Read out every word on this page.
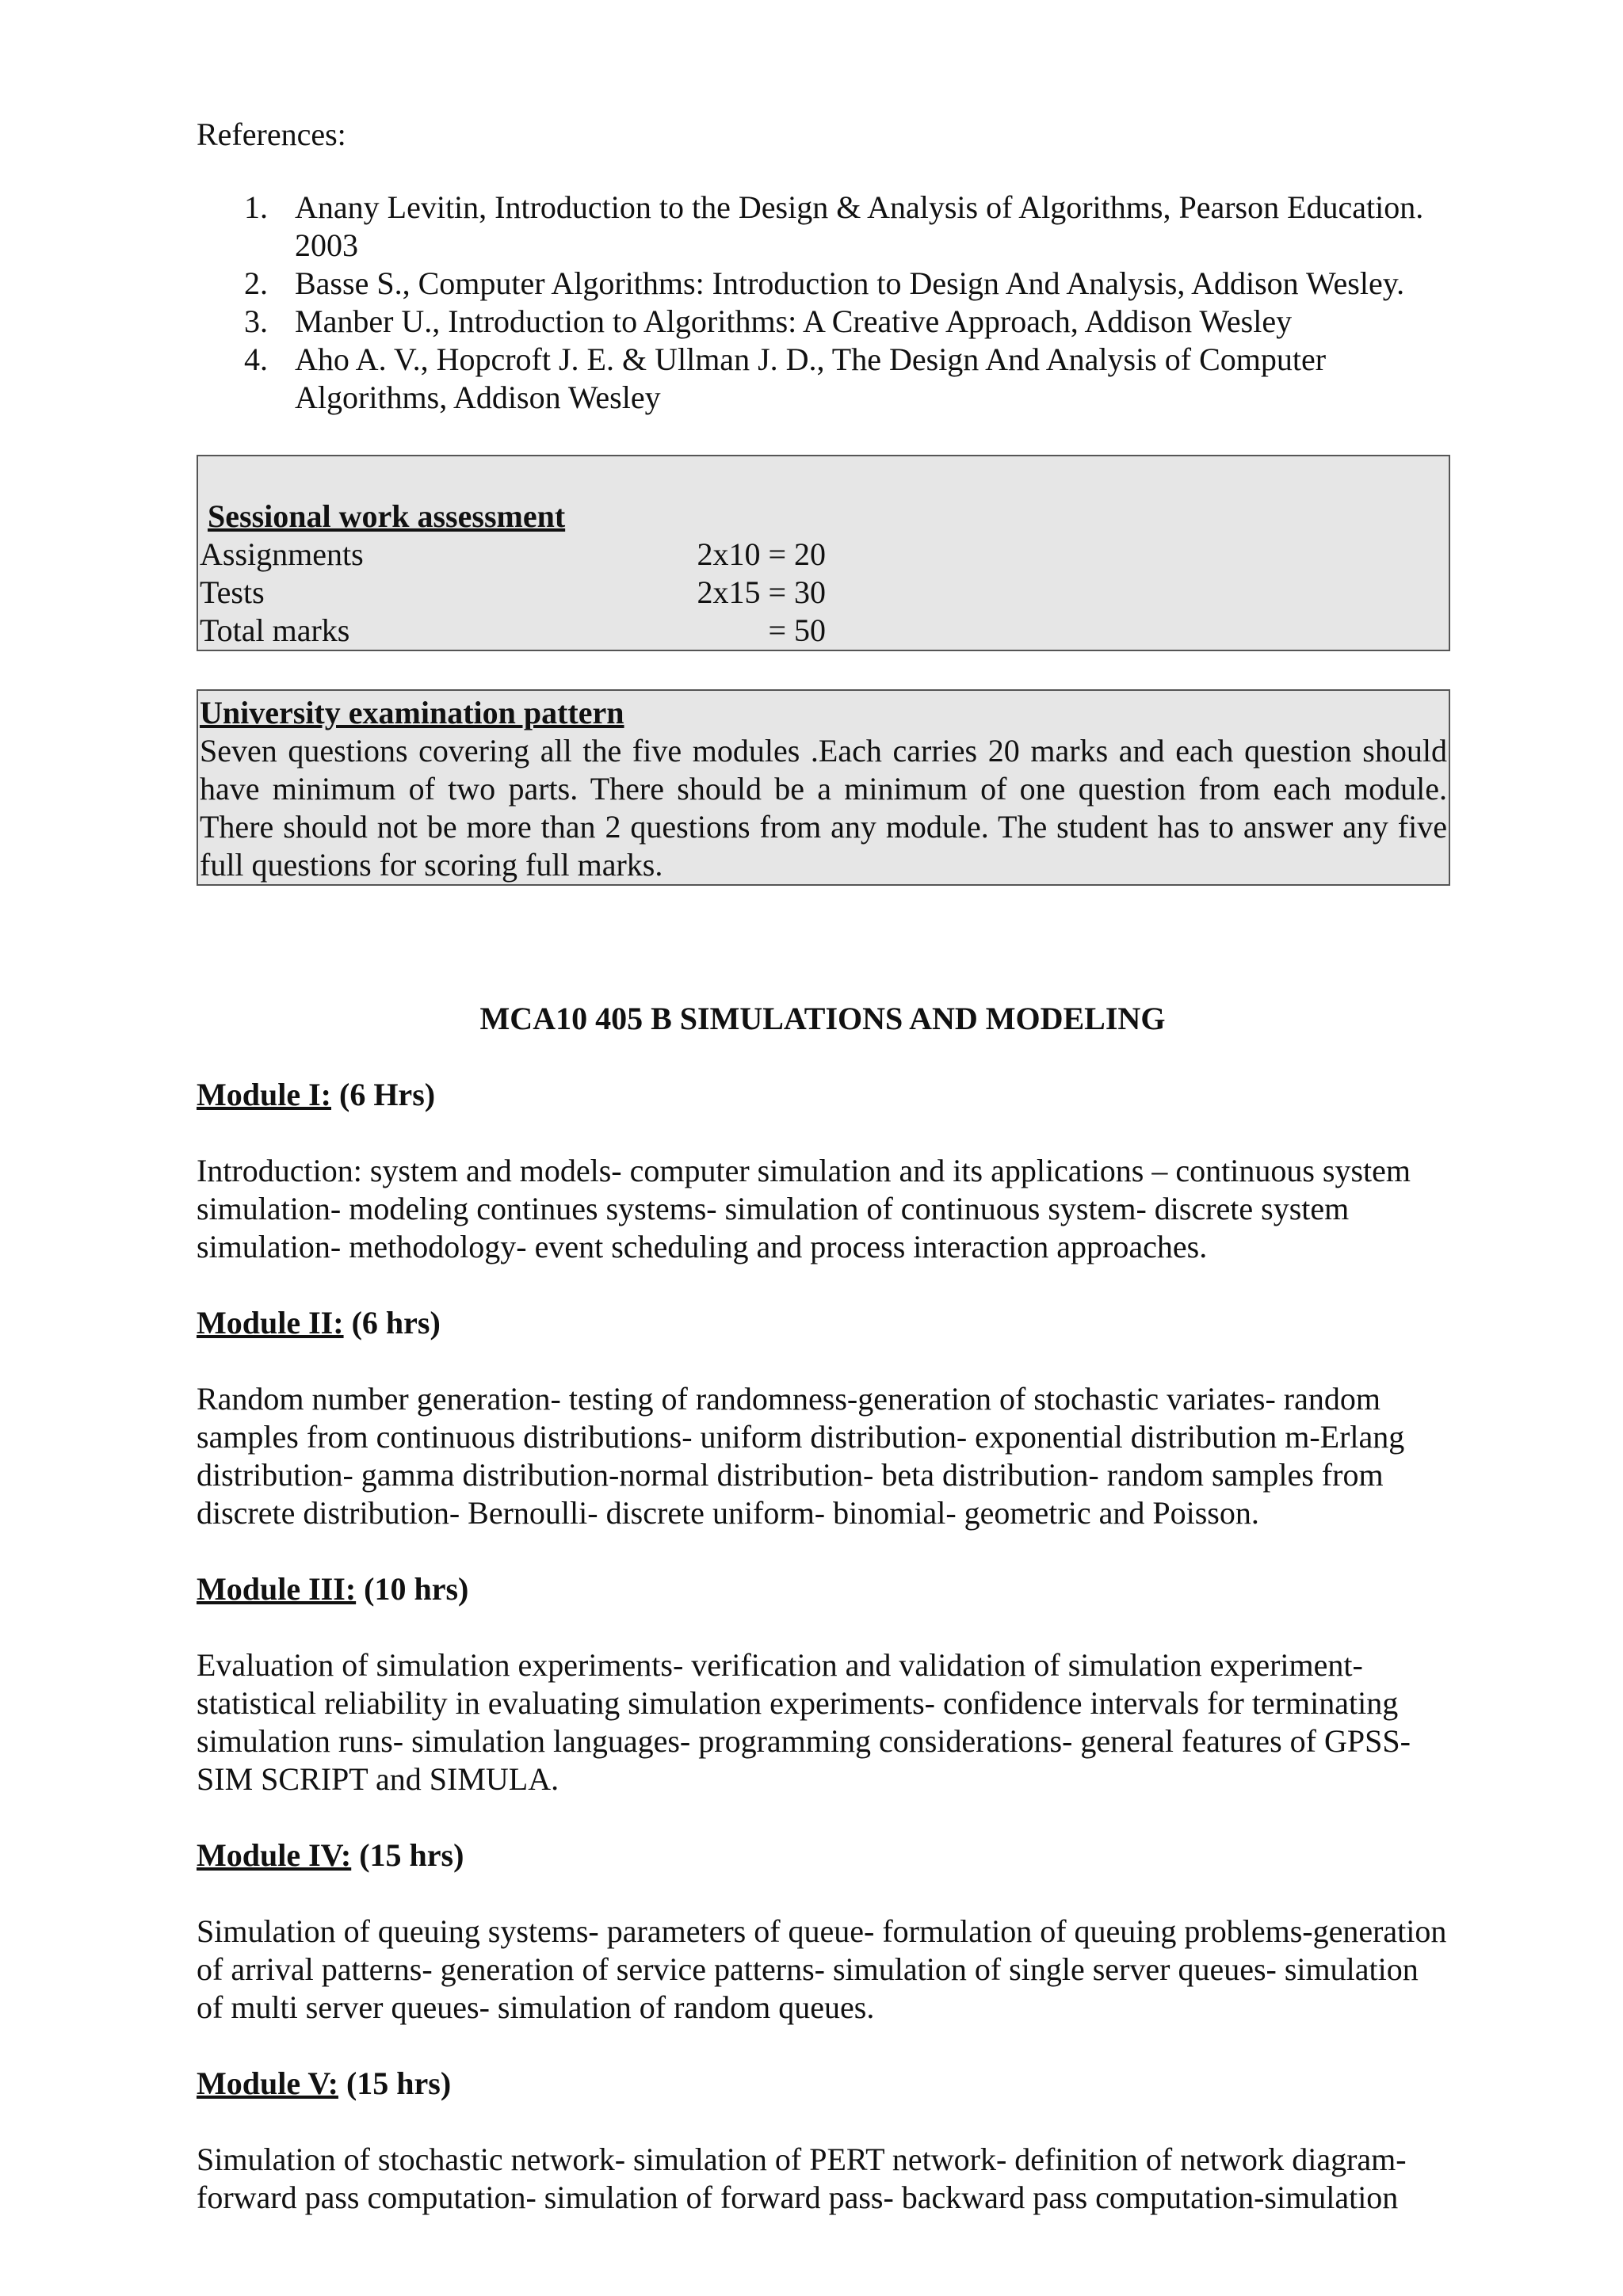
References:
1. Anany Levitin, Introduction to the Design & Analysis of Algorithms, Pearson Education. 2003
2. Basse S., Computer Algorithms: Introduction to Design And Analysis, Addison Wesley.
3. Manber U., Introduction to Algorithms: A Creative Approach, Addison Wesley
4. Aho A. V., Hopcroft J. E. & Ullman J. D., The Design And Analysis of Computer Algorithms, Addison Wesley
Sessional work assessment
Assignments	2x10 = 20
Tests	2x15 = 30
Total marks	= 50
University examination pattern
Seven questions covering all the five modules .Each carries 20 marks and each question should have minimum of two parts. There should be a minimum of one question from each module. There should not be more than 2 questions from any module. The student has to answer any five full questions for scoring full marks.
MCA10 405 B SIMULATIONS AND MODELING
Module I: (6 Hrs)
Introduction: system and models- computer simulation and its applications – continuous system simulation- modeling continues systems- simulation of continuous system- discrete system simulation- methodology- event scheduling and process interaction approaches.
Module II: (6 hrs)
Random number generation- testing of randomness-generation of stochastic variates- random samples from continuous distributions- uniform distribution- exponential distribution m-Erlang distribution- gamma distribution-normal distribution- beta distribution- random samples from discrete distribution- Bernoulli- discrete uniform- binomial- geometric and Poisson.
Module III: (10 hrs)
Evaluation of simulation experiments- verification and validation of simulation experiment-statistical reliability in evaluating simulation experiments- confidence intervals for terminating simulation runs- simulation languages- programming considerations- general features of GPSS- SIM SCRIPT and SIMULA.
Module IV: (15 hrs)
Simulation of queuing systems- parameters of queue- formulation of queuing problems-generation of arrival patterns- generation of service patterns- simulation of single server queues- simulation of multi server queues- simulation of random queues.
Module V: (15 hrs)
Simulation of stochastic network- simulation of PERT network- definition of network diagram-forward pass computation- simulation of forward pass- backward pass computation-simulation
